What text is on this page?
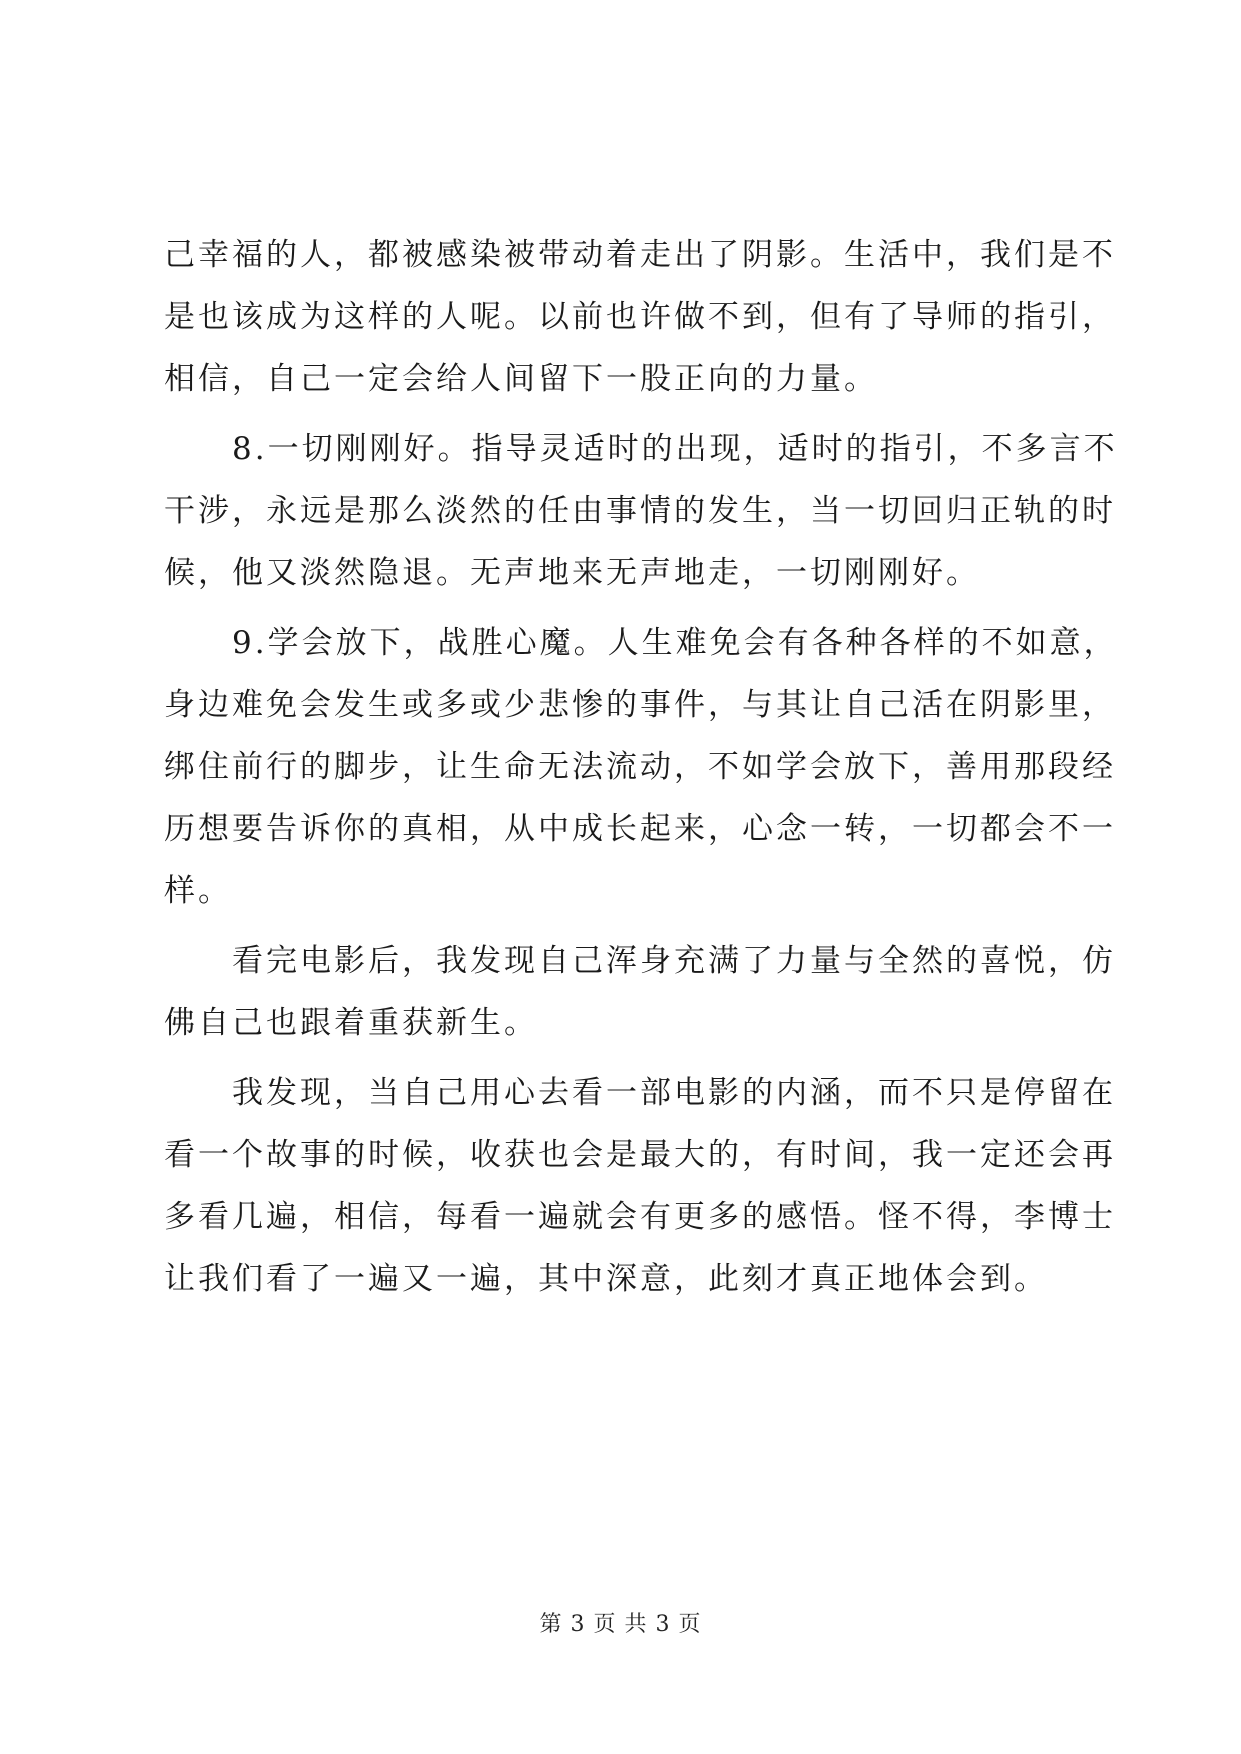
己幸福的人，都被感染被带动着走出了阴影。生活中，我们是不
是也该成为这样的人呢。以前也许做不到，但有了导师的指引，
相信，自己一定会给人间留下一股正向的力量。
8.一切刚刚好。指导灵适时的出现，适时的指引，不多言不
干涉，永远是那么淡然的任由事情的发生，当一切回归正轨的时
候，他又淡然隐退。无声地来无声地走，一切刚刚好。
9.学会放下，战胜心魔。人生难免会有各种各样的不如意，
身边难免会发生或多或少悲惨的事件，与其让自己活在阴影里，
绑住前行的脚步，让生命无法流动，不如学会放下，善用那段经
历想要告诉你的真相，从中成长起来，心念一转，一切都会不一
样。
看完电影后，我发现自己浑身充满了力量与全然的喜悦，仿
佛自己也跟着重获新生。
我发现，当自己用心去看一部电影的内涵，而不只是停留在
看一个故事的时候，收获也会是最大的，有时间，我一定还会再
多看几遍，相信，每看一遍就会有更多的感悟。怪不得，李博士
让我们看了一遍又一遍，其中深意，此刻才真正地体会到。
第 3 页 共 3 页
